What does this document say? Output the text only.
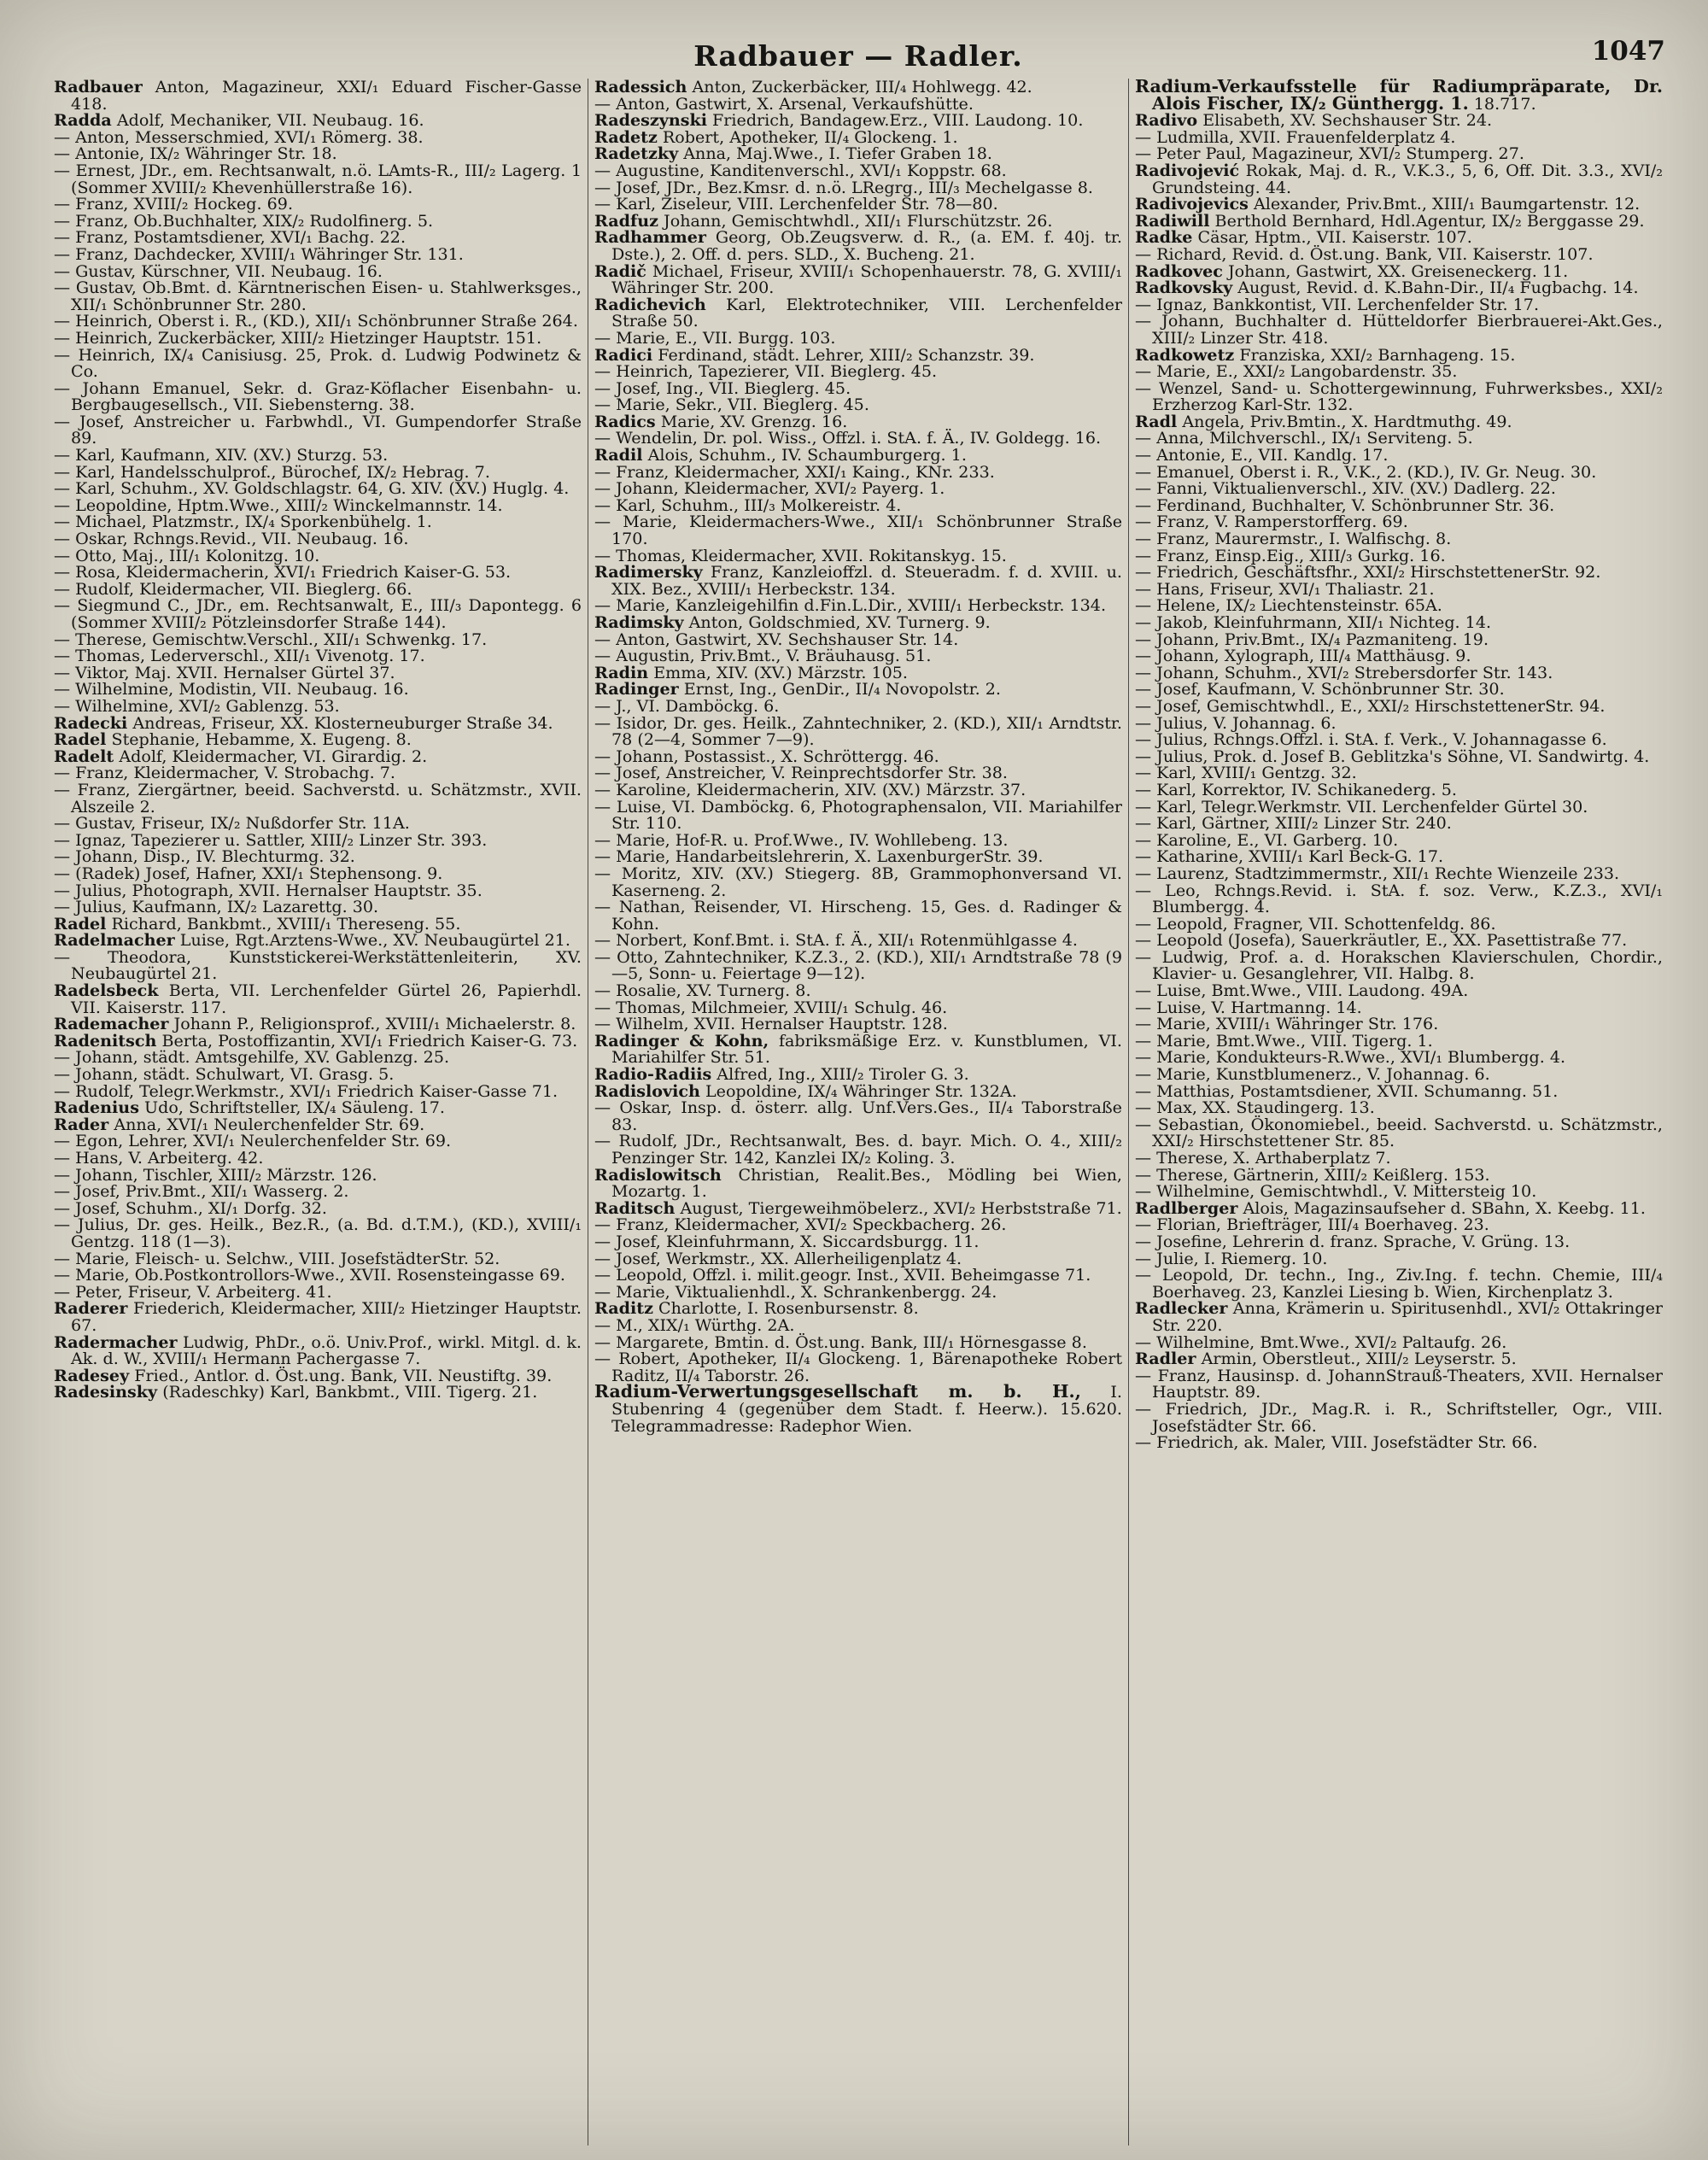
Radbauer — Radler.	1047

Radbauer Anton, Magazineur, XXI/₁ Eduard Fischer-Gasse 418.

Radda Adolf, Mechaniker, VII. Neubaug. 16.

— Anton, Messerschmied, XVI/₁ Römerg. 38.

— Antonie, IX/₂ Währinger Str. 18.

— Ernest, JDr., em. Rechtsanwalt, n.ö. LAmts-R., III/₂ Lagerg. 1 (Sommer XVIII/₂ Khevenhüllerstraße 16).

— Franz, XVIII/₂ Hockeg. 69.

— Franz, Ob.Buchhalter, XIX/₂ Rudolfinerg. 5.

— Franz, Postamtsdiener, XVI/₁ Bachg. 22.

— Franz, Dachdecker, XVIII/₁ Währinger Str. 131.

— Gustav, Kürschner, VII. Neubaug. 16.

— Gustav, Ob.Bmt. d. Kärntnerischen Eisen- u. Stahlwerksges., XII/₁ Schönbrunner Str. 280.

— Heinrich, Oberst i. R., (KD.), XII/₁ Schönbrunner Straße 264.

— Heinrich, Zuckerbäcker, XIII/₂ Hietzinger Hauptstr. 151.

— Heinrich, IX/₄ Canisiusg. 25, Prok. d. Ludwig Podwinetz & Co.

— Johann Emanuel, Sekr. d. Graz-Köflacher Eisenbahn- u. Bergbaugesellsch., VII. Siebensterng. 38.

— Josef, Anstreicher u. Farbwhdl., VI. Gumpendorfer Straße 89.

— Karl, Kaufmann, XIV. (XV.) Sturzg. 53.

— Karl, Handelsschulprof., Bürochef, IX/₂ Hebrag. 7.

— Karl, Schuhm., XV. Goldschlagstr. 64, G. XIV. (XV.) Huglg. 4.

— Leopoldine, Hptm.Wwe., XIII/₂ Winckelmannstr. 14.

— Michael, Platzmstr., IX/₄ Sporkenbühelg. 1.

— Oskar, Rchngs.Revid., VII. Neubaug. 16.

— Otto, Maj., III/₁ Kolonitzg. 10.

— Rosa, Kleidermacherin, XVI/₁ Friedrich Kaiser-G. 53.

— Rudolf, Kleidermacher, VII. Bieglerg. 66.

— Siegmund C., JDr., em. Rechtsanwalt, E., III/₃ Dapontegg. 6 (Sommer XVIII/₂ Pötzleinsdorfer Straße 144).

— Therese, Gemischtw.Verschl., XII/₁ Schwenkg. 17.

— Thomas, Lederverschl., XII/₁ Vivenotg. 17.

— Viktor, Maj. XVII. Hernalser Gürtel 37.

— Wilhelmine, Modistin, VII. Neubaug. 16.

— Wilhelmine, XVI/₂ Gablenzg. 53.

Radecki Andreas, Friseur, XX. Klosterneuburger Straße 34.

Radel Stephanie, Hebamme, X. Eugeng. 8.

Radelt Adolf, Kleidermacher, VI. Girardig. 2.

— Franz, Kleidermacher, V. Strobachg. 7.

— Franz, Ziergärtner, beeid. Sachverstd. u. Schätzmstr., XVII. Alszeile 2.

— Gustav, Friseur, IX/₂ Nußdorfer Str. 11A.

— Ignaz, Tapezierer u. Sattler, XIII/₂ Linzer Str. 393.

— Johann, Disp., IV. Blechturmg. 32.

— (Radek) Josef, Hafner, XXI/₁ Stephensong. 9.

— Julius, Photograph, XVII. Hernalser Hauptstr. 35.

— Julius, Kaufmann, IX/₂ Lazarettg. 30.

Radel Richard, Bankbmt., XVIII/₁ Thereseng. 55.

Radelmacher Luise, Rgt.Arztens-Wwe., XV. Neubaugürtel 21.

— Theodora, Kunststickerei-Werkstättenleiterin, XV. Neubaugürtel 21.

Radelsbeck Berta, VII. Lerchenfelder Gürtel 26, Papierhdl. VII. Kaiserstr. 117.

Rademacher Johann P., Religionsprof., XVIII/₁ Michaelerstr. 8.

Radenitsch Berta, Postoffizantin, XVI/₁ Friedrich Kaiser-G. 73.

— Johann, städt. Amtsgehilfe, XV. Gablenzg. 25.

— Johann, städt. Schulwart, VI. Grasg. 5.

— Rudolf, Telegr.Werkmstr., XVI/₁ Friedrich Kaiser-Gasse 71.

Radenius Udo, Schriftsteller, IX/₄ Säuleng. 17.

Rader Anna, XVI/₁ Neulerchenfelder Str. 69.

— Egon, Lehrer, XVI/₁ Neulerchenfelder Str. 69.

— Hans, V. Arbeiterg. 42.

— Johann, Tischler, XIII/₂ Märzstr. 126.

— Josef, Priv.Bmt., XII/₁ Wasserg. 2.

— Josef, Schuhm., XI/₁ Dorfg. 32.

— Julius, Dr. ges. Heilk., Bez.R., (a. Bd. d.T.M.), (KD.), XVIII/₁ Gentzg. 118 (1—3).

— Marie, Fleisch- u. Selchw., VIII. JosefstädterStr. 52.

— Marie, Ob.Postkontrollors-Wwe., XVII. Rosensteingasse 69.

— Peter, Friseur, V. Arbeiterg. 41.

Raderer Friederich, Kleidermacher, XIII/₂ Hietzinger Hauptstr. 67.

Radermacher Ludwig, PhDr., o.ö. Univ.Prof., wirkl. Mitgl. d. k. Ak. d. W., XVIII/₁ Hermann Pachergasse 7.

Radesey Fried., Antlor. d. Öst.ung. Bank, VII. Neustiftg. 39.

Radesinsky (Radeschky) Karl, Bankbmt., VIII. Tigerg. 21.

Radessich Anton, Zuckerbäcker, III/₄ Hohlwegg. 42.

— Anton, Gastwirt, X. Arsenal, Verkaufshütte.

Radeszynski Friedrich, Bandagew.Erz., VIII. Laudong. 10.

Radetz Robert, Apotheker, II/₄ Glockeng. 1.

Radetzky Anna, Maj.Wwe., I. Tiefer Graben 18.

— Augustine, Kanditenverschl., XVI/₁ Koppstr. 68.

— Josef, JDr., Bez.Kmsr. d. n.ö. LRegrg., III/₃ Mechelgasse 8.

— Karl, Ziseleur, VIII. Lerchenfelder Str. 78—80.

Radfuz Johann, Gemischtwhdl., XII/₁ Flurschützstr. 26.

Radhammer Georg, Ob.Zeugsverw. d. R., (a. EM. f. 40j. tr. Dste.), 2. Off. d. pers. SLD., X. Bucheng. 21.

Radič Michael, Friseur, XVIII/₁ Schopenhauerstr. 78, G. XVIII/₁ Währinger Str. 200.

Radichevich Karl, Elektrotechniker, VIII. Lerchenfelder Straße 50.

— Marie, E., VII. Burgg. 103.

Radici Ferdinand, städt. Lehrer, XIII/₂ Schanzstr. 39.

— Heinrich, Tapezierer, VII. Bieglerg. 45.

— Josef, Ing., VII. Bieglerg. 45.

— Marie, Sekr., VII. Bieglerg. 45.

Radics Marie, XV. Grenzg. 16.

— Wendelin, Dr. pol. Wiss., Offzl. i. StA. f. Ä., IV. Goldegg. 16.

Radil Alois, Schuhm., IV. Schaumburgerg. 1.

— Franz, Kleidermacher, XXI/₁ Kaing., KNr. 233.

— Johann, Kleidermacher, XVI/₂ Payerg. 1.

— Karl, Schuhm., III/₃ Molkereistr. 4.

— Marie, Kleidermachers-Wwe., XII/₁ Schönbrunner Straße 170.

— Thomas, Kleidermacher, XVII. Rokitanskyg. 15.

Radimersky Franz, Kanzleioffzl. d. Steueradm. f. d. XVIII. u. XIX. Bez., XVIII/₁ Herbeckstr. 134.

— Marie, Kanzleigehilfin d.Fin.L.Dir., XVIII/₁ Herbeckstr. 134.

Radimsky Anton, Goldschmied, XV. Turnerg. 9.

— Anton, Gastwirt, XV. Sechshauser Str. 14.

— Augustin, Priv.Bmt., V. Bräuhausg. 51.

Radin Emma, XIV. (XV.) Märzstr. 105.

Radinger Ernst, Ing., GenDir., II/₄ Novopolstr. 2.

— J., VI. Damböckg. 6.

— Isidor, Dr. ges. Heilk., Zahntechniker, 2. (KD.), XII/₁ Arndtstr. 78 (2—4, Sommer 7—9).

— Johann, Postassist., X. Schröttergg. 46.

— Josef, Anstreicher, V. Reinprechtsdorfer Str. 38.

— Karoline, Kleidermacherin, XIV. (XV.) Märzstr. 37.

— Luise, VI. Damböckg. 6, Photographensalon, VII. Mariahilfer Str. 110.

— Marie, Hof-R. u. Prof.Wwe., IV. Wohllebeng. 13.

— Marie, Handarbeitslehrerin, X. LaxenburgerStr. 39.

— Moritz, XIV. (XV.) Stiegerg. 8B, Grammophonversand VI. Kaserneng. 2.

— Nathan, Reisender, VI. Hirscheng. 15, Ges. d. Radinger & Kohn.

— Norbert, Konf.Bmt. i. StA. f. Ä., XII/₁ Rotenmühlgasse 4.

— Otto, Zahntechniker, K.Z.3., 2. (KD.), XII/₁ Arndtstraße 78 (9—5, Sonn- u. Feiertage 9—12).

— Rosalie, XV. Turnerg. 8.

— Thomas, Milchmeier, XVIII/₁ Schulg. 46.

— Wilhelm, XVII. Hernalser Hauptstr. 128.

Radinger & Kohn, fabriksmäßige Erz. v. Kunstblumen, VI. Mariahilfer Str. 51.

Radio-Radiis Alfred, Ing., XIII/₂ Tiroler G. 3.

Radislovich Leopoldine, IX/₄ Währinger Str. 132A.

— Oskar, Insp. d. österr. allg. Unf.Vers.Ges., II/₄ Taborstraße 83.

— Rudolf, JDr., Rechtsanwalt, Bes. d. bayr. Mich. O. 4., XIII/₂ Penzinger Str. 142, Kanzlei IX/₂ Koling. 3.

Radislowitsch Christian, Realit.Bes., Mödling bei Wien, Mozartg. 1.

Raditsch August, Tiergeweihmöbelerz., XVI/₂ Herbststraße 71.

— Franz, Kleidermacher, XVI/₂ Speckbacherg. 26.

— Josef, Kleinfuhrmann, X. Siccardsburgg. 11.

— Josef, Werkmstr., XX. Allerheiligenplatz 4.

— Leopold, Offzl. i. milit.geogr. Inst., XVII. Beheimgasse 71.

— Marie, Viktualienhdl., X. Schrankenbergg. 24.

Raditz Charlotte, I. Rosenbursenstr. 8.

— M., XIX/₁ Würthg. 2A.

— Margarete, Bmtin. d. Öst.ung. Bank, III/₁ Hörnesgasse 8.

— Robert, Apotheker, II/₄ Glockeng. 1, Bärenapotheke Robert Raditz, II/₄ Taborstr. 26.

Radium-Verwertungsgesellschaft m. b. H., I. Stubenring 4 (gegenüber dem Stadt. f. Heerw.). 15.620. Telegrammadresse: Radephor Wien.

Radium-Verkaufsstelle für Radiumpräparate, Dr. Alois Fischer, IX/₂ Günthergg. 1. 18.717.

Radivo Elisabeth, XV. Sechshauser Str. 24.

— Ludmilla, XVII. Frauenfelderplatz 4.

— Peter Paul, Magazineur, XVI/₂ Stumperg. 27.

Radivojević Rokak, Maj. d. R., V.K.3., 5, 6, Off. Dit. 3.3., XVI/₂ Grundsteing. 44.

Radivojevics Alexander, Priv.Bmt., XIII/₁ Baumgartenstr. 12.

Radiwill Berthold Bernhard, Hdl.Agentur, IX/₂ Berggasse 29.

Radke Cäsar, Hptm., VII. Kaiserstr. 107.

— Richard, Revid. d. Öst.ung. Bank, VII. Kaiserstr. 107.

Radkovec Johann, Gastwirt, XX. Greiseneckerg. 11.

Radkovsky August, Revid. d. K.Bahn-Dir., II/₄ Fugbachg. 14.

— Ignaz, Bankkontist, VII. Lerchenfelder Str. 17.

— Johann, Buchhalter d. Hütteldorfer Bierbrauerei-Akt.Ges., XIII/₂ Linzer Str. 418.

Radkowetz Franziska, XXI/₂ Barnhageng. 15.

— Marie, E., XXI/₂ Langobardenstr. 35.

— Wenzel, Sand- u. Schottergewinnung, Fuhrwerksbes., XXI/₂ Erzherzog Karl-Str. 132.

Radl Angela, Priv.Bmtin., X. Hardtmuthg. 49.

— Anna, Milchverschl., IX/₁ Serviteng. 5.

— Antonie, E., VII. Kandlg. 17.

— Emanuel, Oberst i. R., V.K., 2. (KD.), IV. Gr. Neug. 30.

— Fanni, Viktualienverschl., XIV. (XV.) Dadlerg. 22.

— Ferdinand, Buchhalter, V. Schönbrunner Str. 36.

— Franz, V. Ramperstorfferg. 69.

— Franz, Maurermstr., I. Walfischg. 8.

— Franz, Einsp.Eig., XIII/₃ Gurkg. 16.

— Friedrich, Geschäftsfhr., XXI/₂ HirschstettenerStr. 92.

— Hans, Friseur, XVI/₁ Thaliastr. 21.

— Helene, IX/₂ Liechtensteinstr. 65A.

— Jakob, Kleinfuhrmann, XII/₁ Nichteg. 14.

— Johann, Priv.Bmt., IX/₄ Pazmaniteng. 19.

— Johann, Xylograph, III/₄ Matthäusg. 9.

— Johann, Schuhm., XVI/₂ Strebersdorfer Str. 143.

— Josef, Kaufmann, V. Schönbrunner Str. 30.

— Josef, Gemischtwhdl., E., XXI/₂ HirschstettenerStr. 94.

— Julius, V. Johannag. 6.

— Julius, Rchngs.Offzl. i. StA. f. Verk., V. Johannagasse 6.

— Julius, Prok. d. Josef B. Geblitzka's Söhne, VI. Sandwirtg. 4.

— Karl, XVIII/₁ Gentzg. 32.

— Karl, Korrektor, IV. Schikanederg. 5.

— Karl, Telegr.Werkmstr. VII. Lerchenfelder Gürtel 30.

— Karl, Gärtner, XIII/₂ Linzer Str. 240.

— Karoline, E., VI. Garberg. 10.

— Katharine, XVIII/₁ Karl Beck-G. 17.

— Laurenz, Stadtzimmermstr., XII/₁ Rechte Wienzeile 233.

— Leo, Rchngs.Revid. i. StA. f. soz. Verw., K.Z.3., XVI/₁ Blumbergg. 4.

— Leopold, Fragner, VII. Schottenfeldg. 86.

— Leopold (Josefa), Sauerkräutler, E., XX. Pasettistraße 77.

— Ludwig, Prof. a. d. Horakschen Klavierschulen, Chordir., Klavier- u. Gesanglehrer, VII. Halbg. 8.

— Luise, Bmt.Wwe., VIII. Laudong. 49A.

— Luise, V. Hartmanng. 14.

— Marie, XVIII/₁ Währinger Str. 176.

— Marie, Bmt.Wwe., VIII. Tigerg. 1.

— Marie, Kondukteurs-R.Wwe., XVI/₁ Blumbergg. 4.

— Marie, Kunstblumenerz., V. Johannag. 6.

— Matthias, Postamtsdiener, XVII. Schumanng. 51.

— Max, XX. Staudingerg. 13.

— Sebastian, Ökonomiebel., beeid. Sachverstd. u. Schätzmstr., XXI/₂ Hirschstettener Str. 85.

— Therese, X. Arthaberplatz 7.

— Therese, Gärtnerin, XIII/₂ Keißlerg. 153.

— Wilhelmine, Gemischtwhdl., V. Mittersteig 10.

Radlberger Alois, Magazinsaufseher d. SBahn, X. Keebg. 11.

— Florian, Briefträger, III/₄ Boerhaveg. 23.

— Josefine, Lehrerin d. franz. Sprache, V. Grüng. 13.

— Julie, I. Riemerg. 10.

— Leopold, Dr. techn., Ing., Ziv.Ing. f. techn. Chemie, III/₄ Boerhaveg. 23, Kanzlei Liesing b. Wien, Kirchenplatz 3.

Radlecker Anna, Krämerin u. Spiritusenhdl., XVI/₂ Ottakringer Str. 220.

— Wilhelmine, Bmt.Wwe., XVI/₂ Paltaufg. 26.

Radler Armin, Oberstleut., XIII/₂ Leyserstr. 5.

— Franz, Hausinsp. d. JohannStrauß-Theaters, XVII. Hernalser Hauptstr. 89.

— Friedrich, JDr., Mag.R. i. R., Schriftsteller, Ogr., VIII. Josefstädter Str. 66.

— Friedrich, ak. Maler, VIII. Josefstädter Str. 66.
